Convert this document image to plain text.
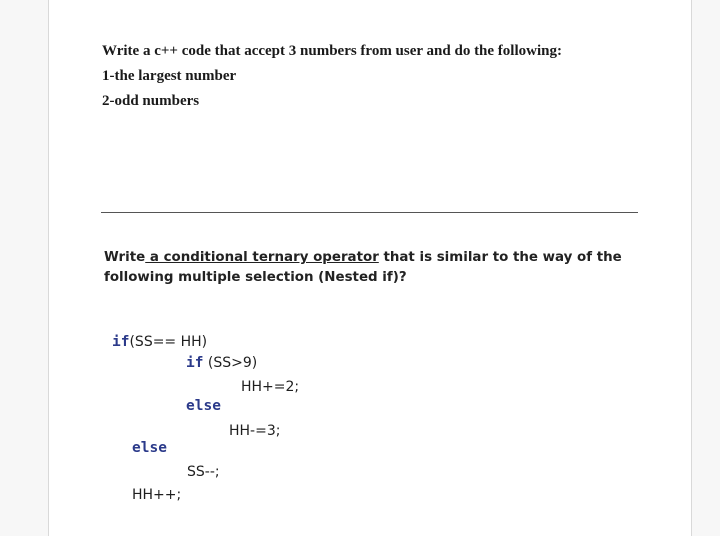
Write a c++ code that accept 3 numbers from user and do the following:
1-the largest number
2-odd numbers
Write a conditional ternary operator that is similar to the way of the
following multiple selection (Nested if)?
if(SS== HH)
if (SS>9)
HH+=2;
else
HH-=3;
else
SS--;
HH++;
